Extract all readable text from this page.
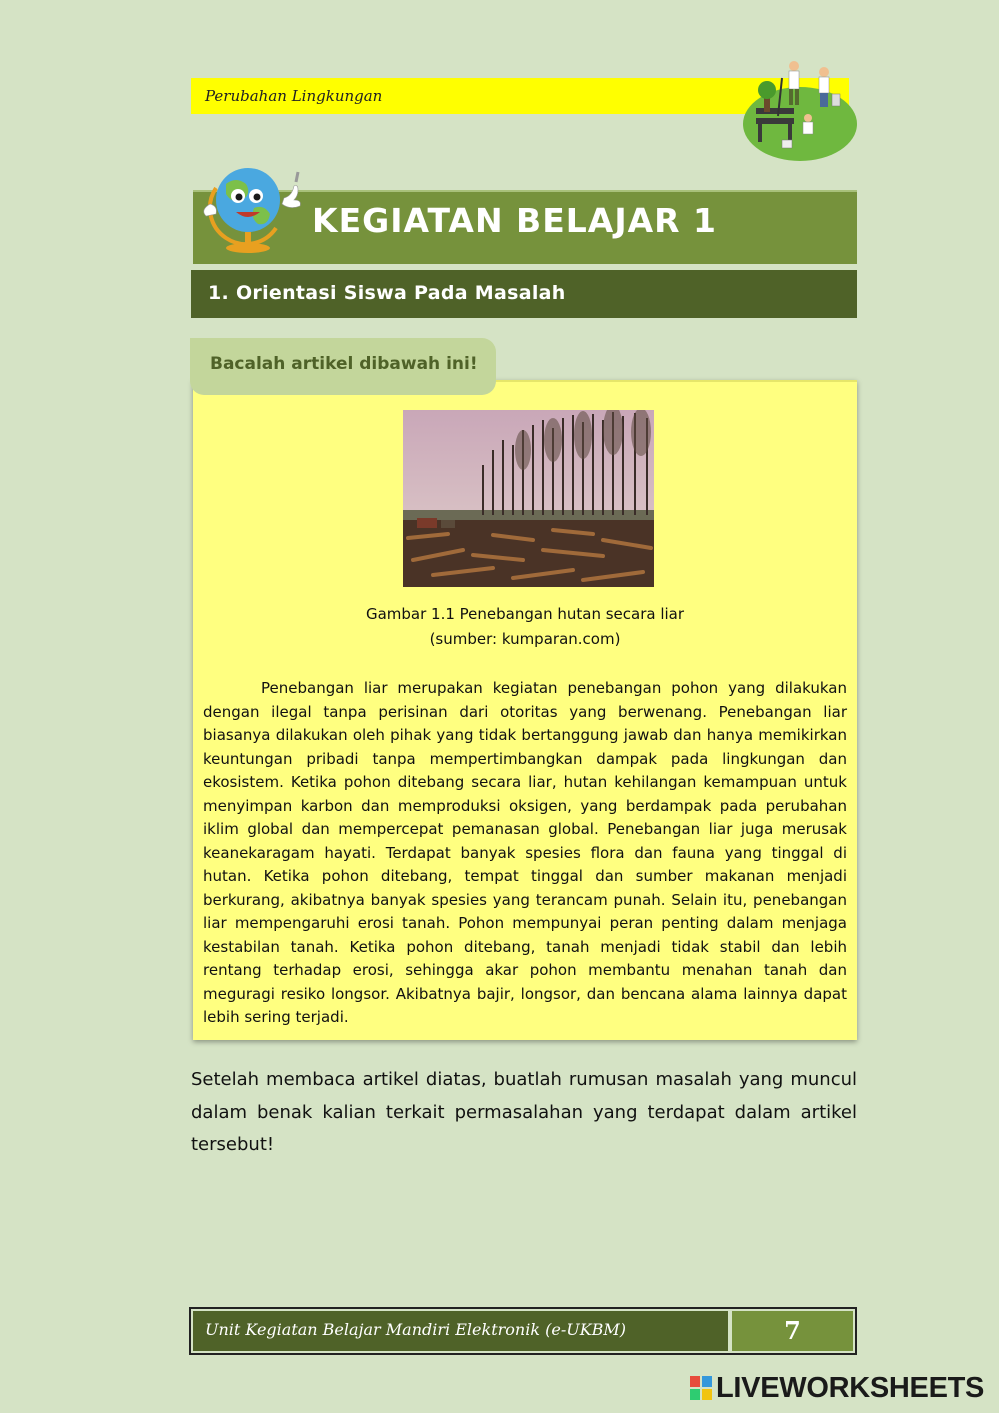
Perubahan Lingkungan
KEGIATAN BELAJAR 1
1. Orientasi Siswa Pada Masalah
Bacalah artikel dibawah ini!
Gambar 1.1 Penebangan hutan secara liar
(sumber: kumparan.com)
Penebangan liar merupakan kegiatan penebangan pohon yang dilakukan dengan ilegal tanpa perisinan dari otoritas yang berwenang. Penebangan liar biasanya dilakukan oleh pihak yang tidak bertanggung jawab dan hanya memikirkan keuntungan pribadi tanpa mempertimbangkan dampak pada lingkungan dan ekosistem. Ketika pohon ditebang secara liar, hutan kehilangan kemampuan untuk menyimpan karbon dan memproduksi oksigen, yang berdampak pada perubahan iklim global dan mempercepat pemanasan global. Penebangan liar juga merusak keanekaragam hayati. Terdapat banyak spesies flora dan fauna yang tinggal di hutan. Ketika pohon ditebang, tempat tinggal dan sumber makanan menjadi berkurang, akibatnya banyak spesies yang terancam punah. Selain itu, penebangan liar mempengaruhi erosi tanah. Pohon mempunyai peran penting dalam menjaga kestabilan tanah. Ketika pohon ditebang, tanah menjadi tidak stabil dan lebih rentang terhadap erosi, sehingga akar pohon membantu menahan tanah dan meguragi resiko longsor. Akibatnya bajir, longsor, dan bencana alama lainnya dapat lebih sering terjadi.
Setelah membaca artikel diatas, buatlah rumusan masalah yang muncul dalam benak kalian terkait permasalahan yang terdapat dalam artikel tersebut!
Unit Kegiatan Belajar Mandiri Elektronik (e-UKBM)	7
LIVEWORKSHEETS
